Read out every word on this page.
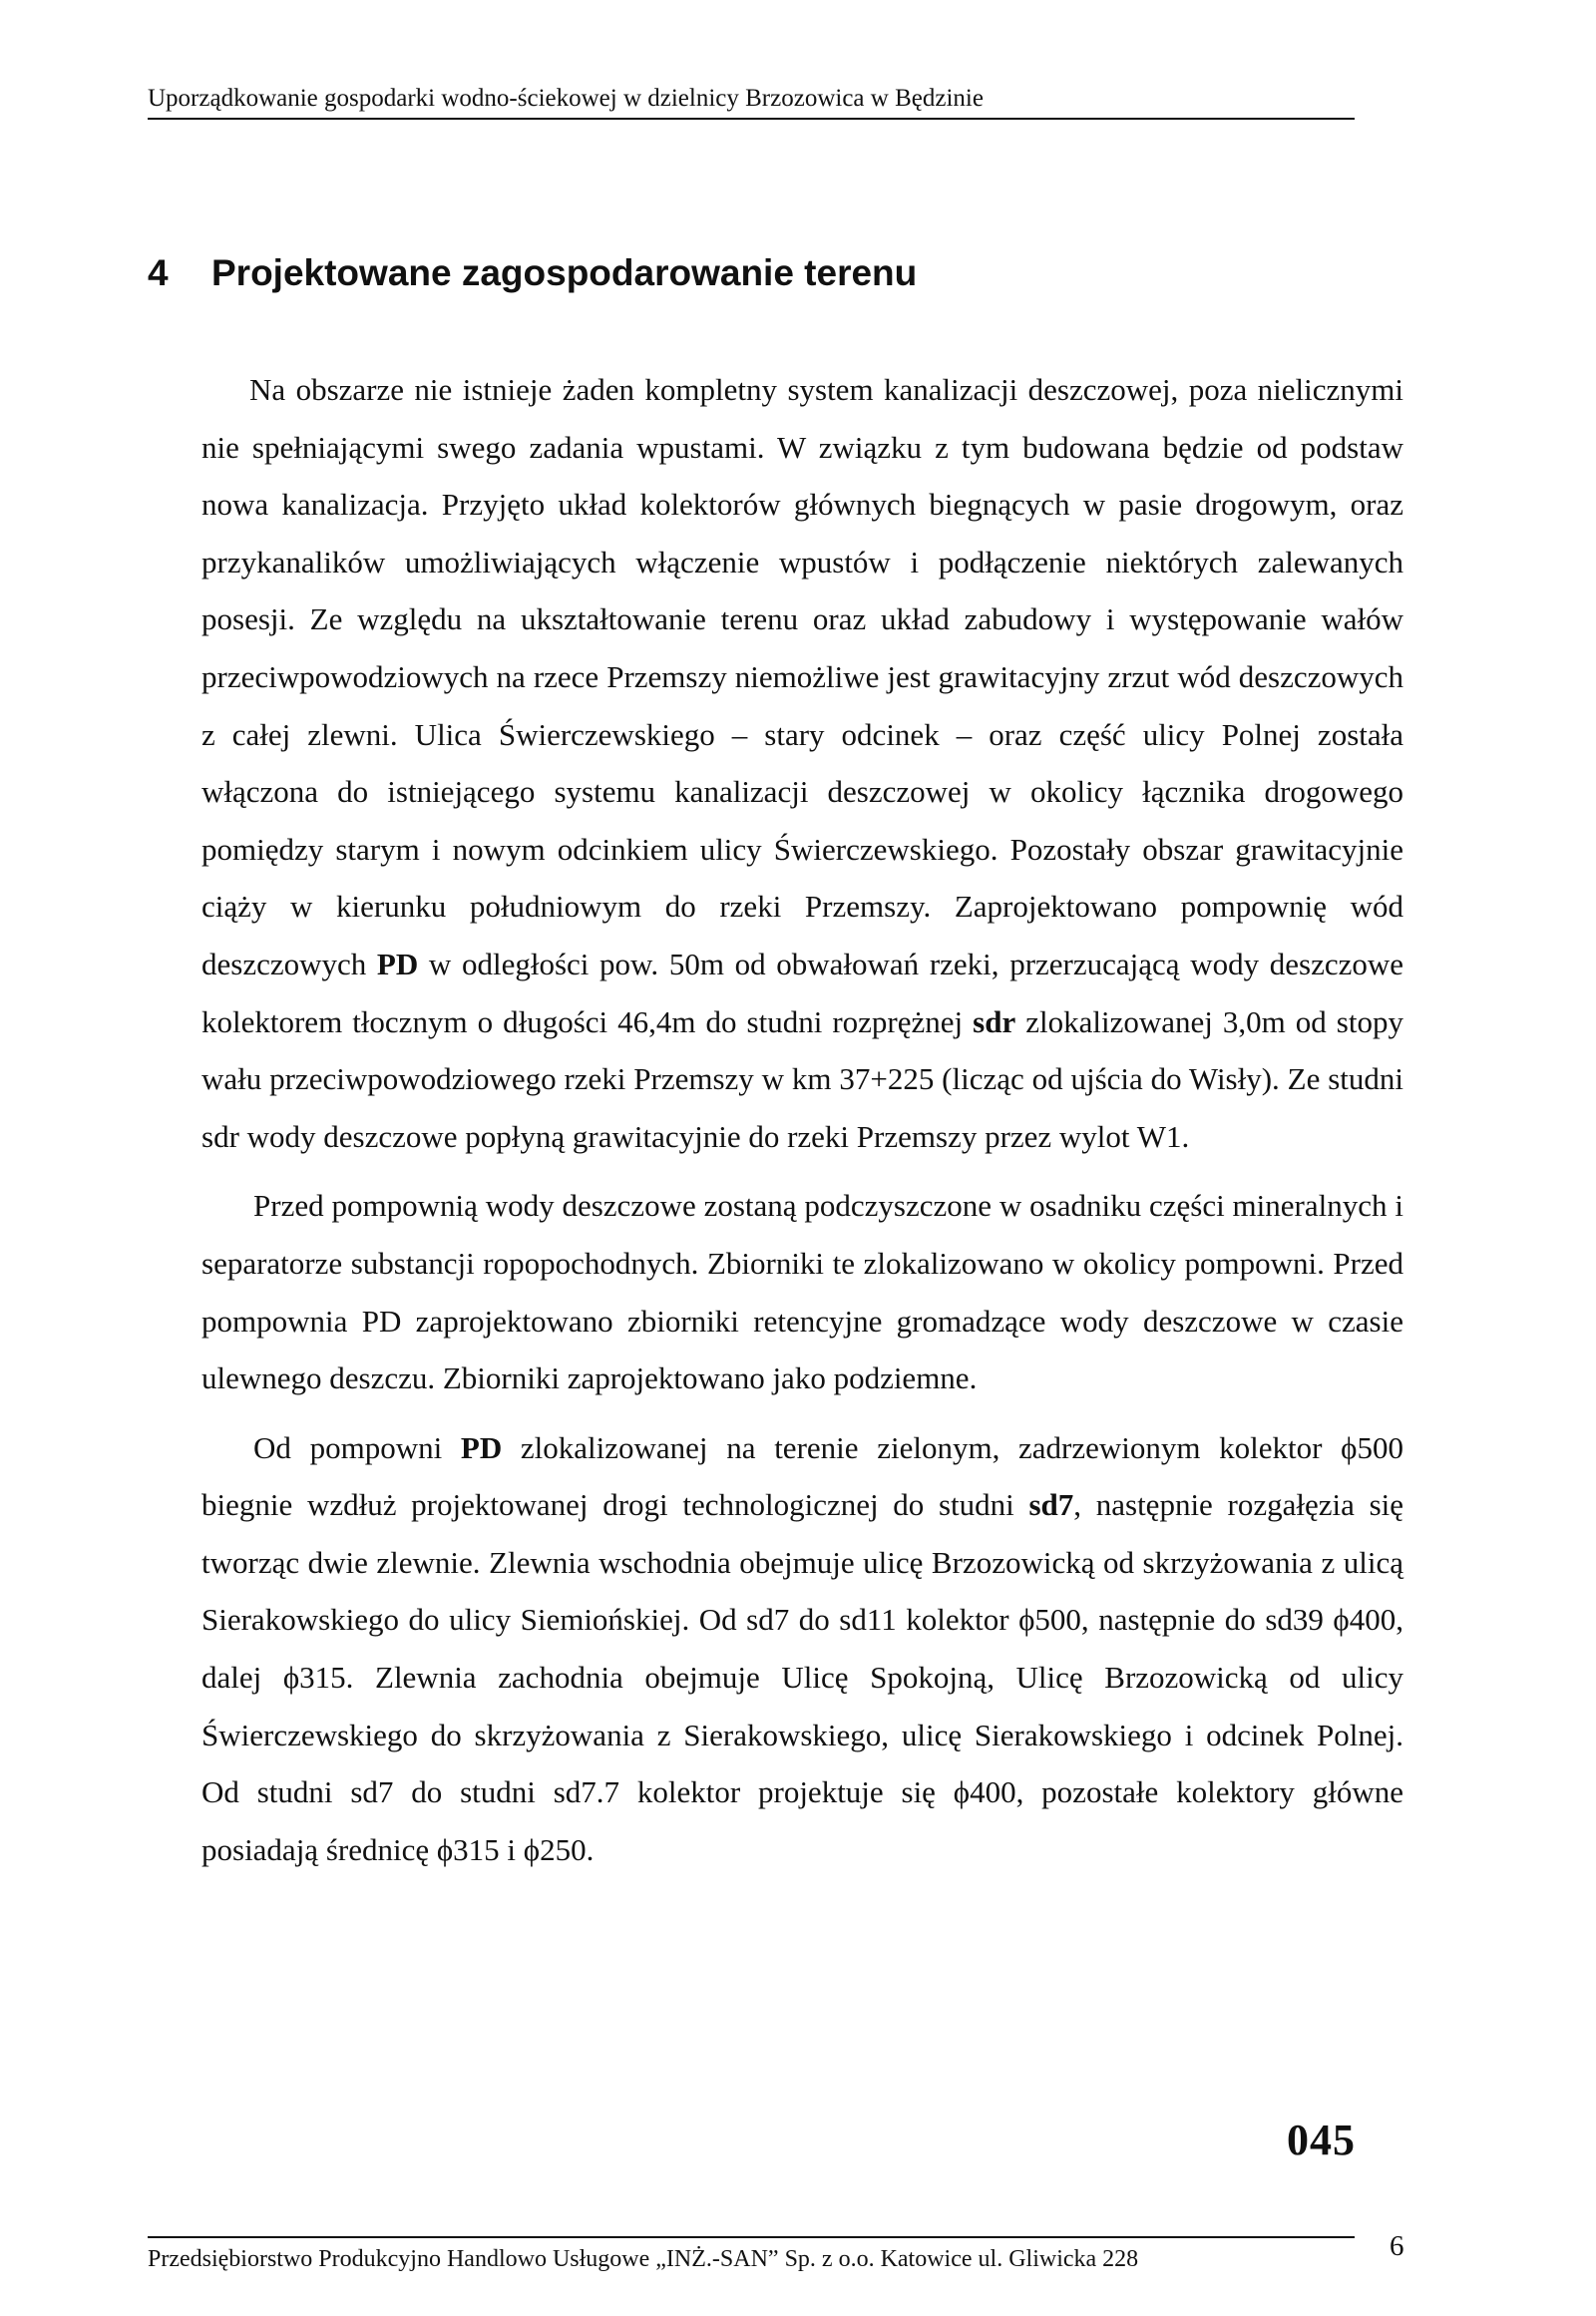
Uporządkowanie gospodarki wodno-ściekowej w dzielnicy Brzozowica w Będzinie
4 Projektowane zagospodarowanie terenu

Na obszarze nie istnieje żaden kompletny system kanalizacji deszczowej, poza nielicznymi nie spełniającymi swego zadania wpustami. W związku z tym budowana będzie od podstaw nowa kanalizacja. Przyjęto układ kolektorów głównych biegnących w pasie drogowym, oraz przykanalików umożliwiających włączenie wpustów i podłączenie niektórych zalewanych posesji. Ze względu na ukształtowanie terenu oraz układ zabudowy i występowanie wałów przeciwpowodziowych na rzece Przemszy niemożliwe jest grawitacyjny zrzut wód deszczowych z całej zlewni. Ulica Świerczewskiego – stary odcinek – oraz część ulicy Polnej została włączona do istniejącego systemu kanalizacji deszczowej w okolicy łącznika drogowego pomiędzy starym i nowym odcinkiem ulicy Świerczewskiego. Pozostały obszar grawitacyjnie ciąży w kierunku południowym do rzeki Przemszy. Zaprojektowano pompownię wód deszczowych PD w odległości pow. 50m od obwałowań rzeki, przerzucającą wody deszczowe kolektorem tłocznym o długości 46,4m do studni rozprężnej sdr zlokalizowanej 3,0m od stopy wału przeciwpowodziowego rzeki Przemszy w km 37+225 (licząc od ujścia do Wisły). Ze studni sdr wody deszczowe popłyną grawitacyjnie do rzeki Przemszy przez wylot W1.

Przed pompownią wody deszczowe zostaną podczyszczone w osadniku części mineralnych i separatorze substancji ropopochodnych. Zbiorniki te zlokalizowano w okolicy pompowni. Przed pompownia PD zaprojektowano zbiorniki retencyjne gromadzące wody deszczowe w czasie ulewnego deszczu. Zbiorniki zaprojektowano jako podziemne.

Od pompowni PD zlokalizowanej na terenie zielonym, zadrzewionym kolektor ϕ500 biegnie wzdłuż projektowanej drogi technologicznej do studni sd7, następnie rozgałęzia się tworząc dwie zlewnie. Zlewnia wschodnia obejmuje ulicę Brzozowicką od skrzyżowania z ulicą Sierakowskiego do ulicy Siemiońskiej. Od sd7 do sd11 kolektor ϕ500, następnie do sd39 ϕ400, dalej ϕ315. Zlewnia zachodnia obejmuje Ulicę Spokojną, Ulicę Brzozowicką od ulicy Świerczewskiego do skrzyżowania z Sierakowskiego, ulicę Sierakowskiego i odcinek Polnej. Od studni sd7 do studni sd7.7 kolektor projektuje się ϕ400, pozostałe kolektory główne posiadają średnicę ϕ315 i ϕ250.

045
Przedsiębiorstwo Produkcyjno Handlowo Usługowe „INŻ.-SAN” Sp. z o.o. Katowice ul. Gliwicka 228	6
